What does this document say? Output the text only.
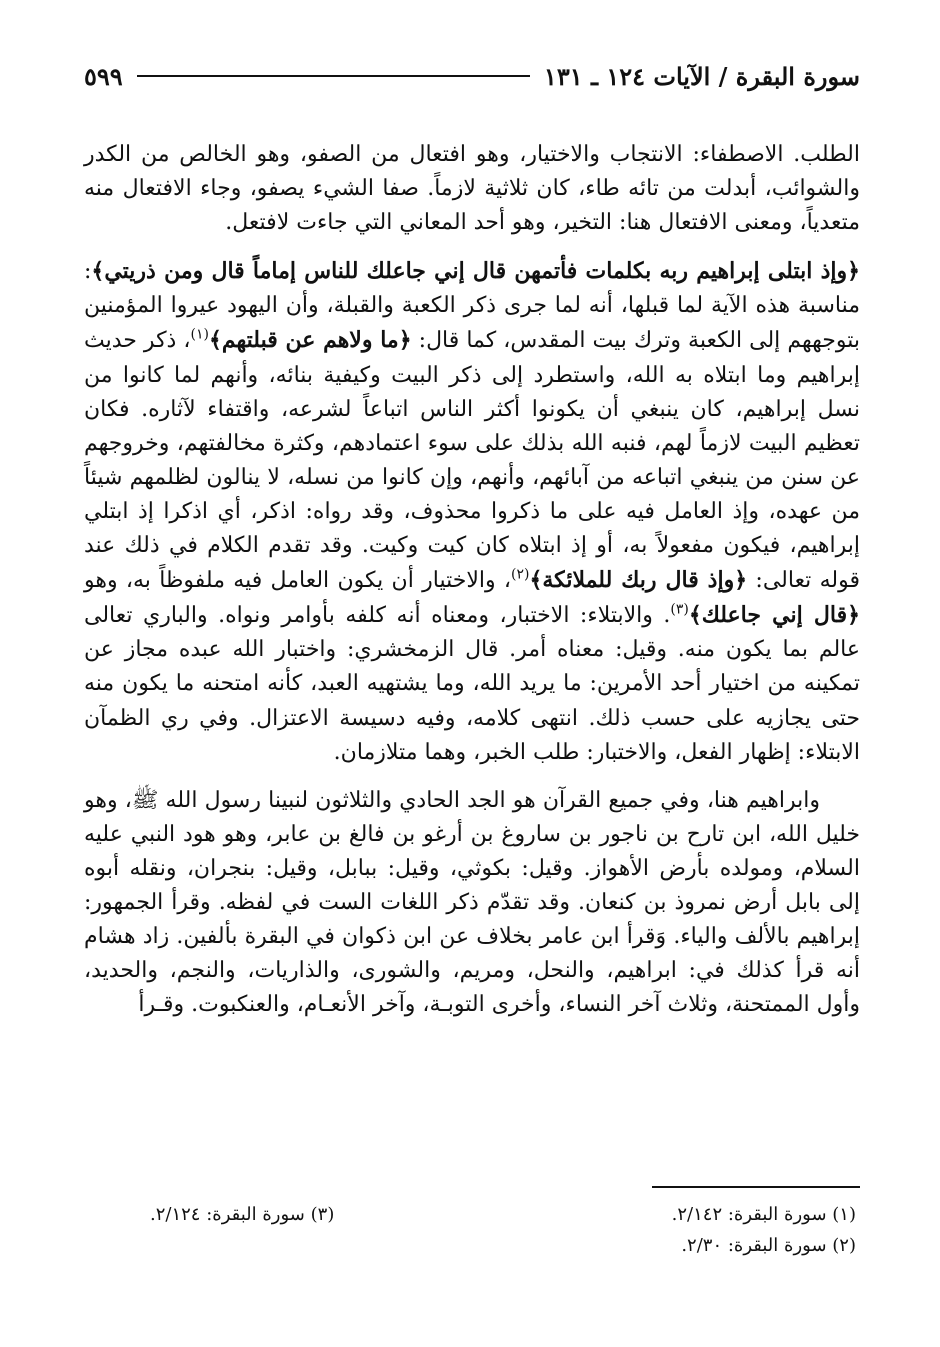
سورة البقرة / الآيات ١٢٤ ـ ١٣١
٥٩٩

الطلب. الاصطفاء: الانتجاب والاختيار، وهو افتعال من الصفو، وهو الخالص من الكدر والشوائب، أبدلت من تائه طاء، كان ثلاثية لازماً. صفا الشيء يصفو، وجاء الافتعال منه متعدياً، ومعنى الافتعال هنا: التخير، وهو أحد المعاني التي جاءت لافتعل.

﴿وإذ ابتلى إبراهيم ربه بكلمات فأتمهن قال إني جاعلك للناس إماماً قال ومن ذريتي﴾: مناسبة هذه الآية لما قبلها، أنه لما جرى ذكر الكعبة والقبلة، وأن اليهود عيروا المؤمنين بتوجههم إلى الكعبة وترك بيت المقدس، كما قال: ﴿ما ولاهم عن قبلتهم﴾$^{(١)}$، ذكر حديث إبراهيم وما ابتلاه به الله، واستطرد إلى ذكر البيت وكيفية بنائه، وأنهم لما كانوا من نسل إبراهيم، كان ينبغي أن يكونوا أكثر الناس اتباعاً لشرعه، واقتفاء لآثاره. فكان تعظيم البيت لازماً لهم، فنبه الله بذلك على سوء اعتمادهم، وكثرة مخالفتهم، وخروجهم عن سنن من ينبغي اتباعه من آبائهم، وأنهم، وإن كانوا من نسله، لا ينالون لظلمهم شيئاً من عهده، وإذ العامل فيه على ما ذكروا محذوف، وقد رواه: اذكر، أي اذكرا إذ ابتلي إبراهيم، فيكون مفعولاً به، أو إذ ابتلاه كان كيت وكيت. وقد تقدم الكلام في ذلك عند قوله تعالى: ﴿وإذ قال ربك للملائكة﴾$^{(٢)}$، والاختيار أن يكون العامل فيه ملفوظاً به، وهو ﴿قال إني جاعلك﴾$^{(٣)}$. والابتلاء: الاختبار، ومعناه أنه كلفه بأوامر ونواه. والباري تعالى عالم بما يكون منه. وقيل: معناه أمر. قال الزمخشري: واختبار الله عبده مجاز عن تمكينه من اختيار أحد الأمرين: ما يريد الله، وما يشتهيه العبد، كأنه امتحنه ما يكون منه حتى يجازيه على حسب ذلك. انتهى كلامه، وفيه دسيسة الاعتزال. وفي ري الظمآن الابتلاء: إظهار الفعل، والاختبار: طلب الخبر، وهما متلازمان.

وابراهيم هنا، وفي جميع القرآن هو الجد الحادي والثلاثون لنبينا رسول الله ﷺ، وهو خليل الله، ابن تارح بن ناجور بن ساروغ بن أرغو بن فالغ بن عابر، وهو هود النبي عليه السلام، ومولده بأرض الأهواز. وقيل: بكوثي، وقيل: ببابل، وقيل: بنجران، ونقله أبوه إلى بابل أرض نمروذ بن كنعان. وقد تقدّم ذكر اللغات الست في لفظه. وقرأ الجمهور: إبراهيم بالألف والياء. وَقرأ ابن عامر بخلاف عن ابن ذكوان في البقرة بألفين. زاد هشام أنه قرأ كذلك في: ابراهيم، والنحل، ومريم، والشورى، والذاريات، والنجم، والحديد، وأول الممتحنة، وثلاث آخر النساء، وأخرى التوبـة، وآخر الأنعـام، والعنكبوت. وقـرأ

(١) سورة البقرة: ٢/١٤٢.
(٣) سورة البقرة: ٢/١٢٤.
(٢) سورة البقرة: ٢/٣٠.
